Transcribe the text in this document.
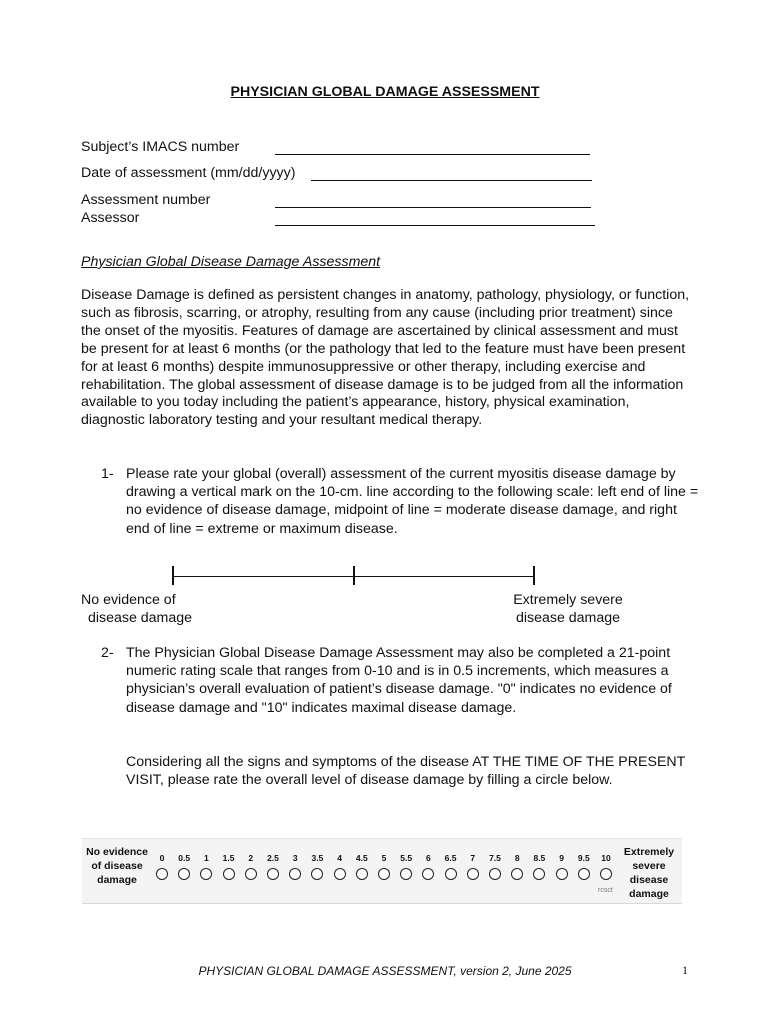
PHYSICIAN GLOBAL DAMAGE ASSESSMENT
Subject’s IMACS number
Date of assessment (mm/dd/yyyy)
Assessment number
Assessor
Physician Global Disease Damage Assessment
Disease Damage is defined as persistent changes in anatomy, pathology, physiology, or function, such as fibrosis, scarring, or atrophy, resulting from any cause (including prior treatment) since the onset of the myositis. Features of damage are ascertained by clinical assessment and must be present for at least 6 months (or the pathology that led to the feature must have been present for at least 6 months) despite immunosuppressive or other therapy, including exercise and rehabilitation. The global assessment of disease damage is to be judged from all the information available to you today including the patient’s appearance, history, physical examination, diagnostic laboratory testing and your resultant medical therapy.
1- Please rate your global (overall) assessment of the current myositis disease damage by drawing a vertical mark on the 10-cm. line according to the following scale: left end of line = no evidence of disease damage, midpoint of line = moderate disease damage, and right end of line = extreme or maximum disease.
No evidence of
disease damage
Extremely severe
disease damage
2- The Physician Global Disease Damage Assessment may also be completed a 21-point numeric rating scale that ranges from 0-10 and is in 0.5 increments, which measures a physician’s overall evaluation of patient’s disease damage. "0" indicates no evidence of disease damage and "10" indicates maximal disease damage.
Considering all the signs and symptoms of the disease AT THE TIME OF THE PRESENT VISIT, please rate the overall level of disease damage by filling a circle below.
No evidence of disease damage
Extremely severe disease damage
0	0.5	1	1.5	2	2.5	3	3.5	4	4.5	5	5.5	6	6.5	7	7.5	8	8.5	9	9.5	10
rcsct
PHYSICIAN GLOBAL DAMAGE ASSESSMENT, version 2, June 2025	1
